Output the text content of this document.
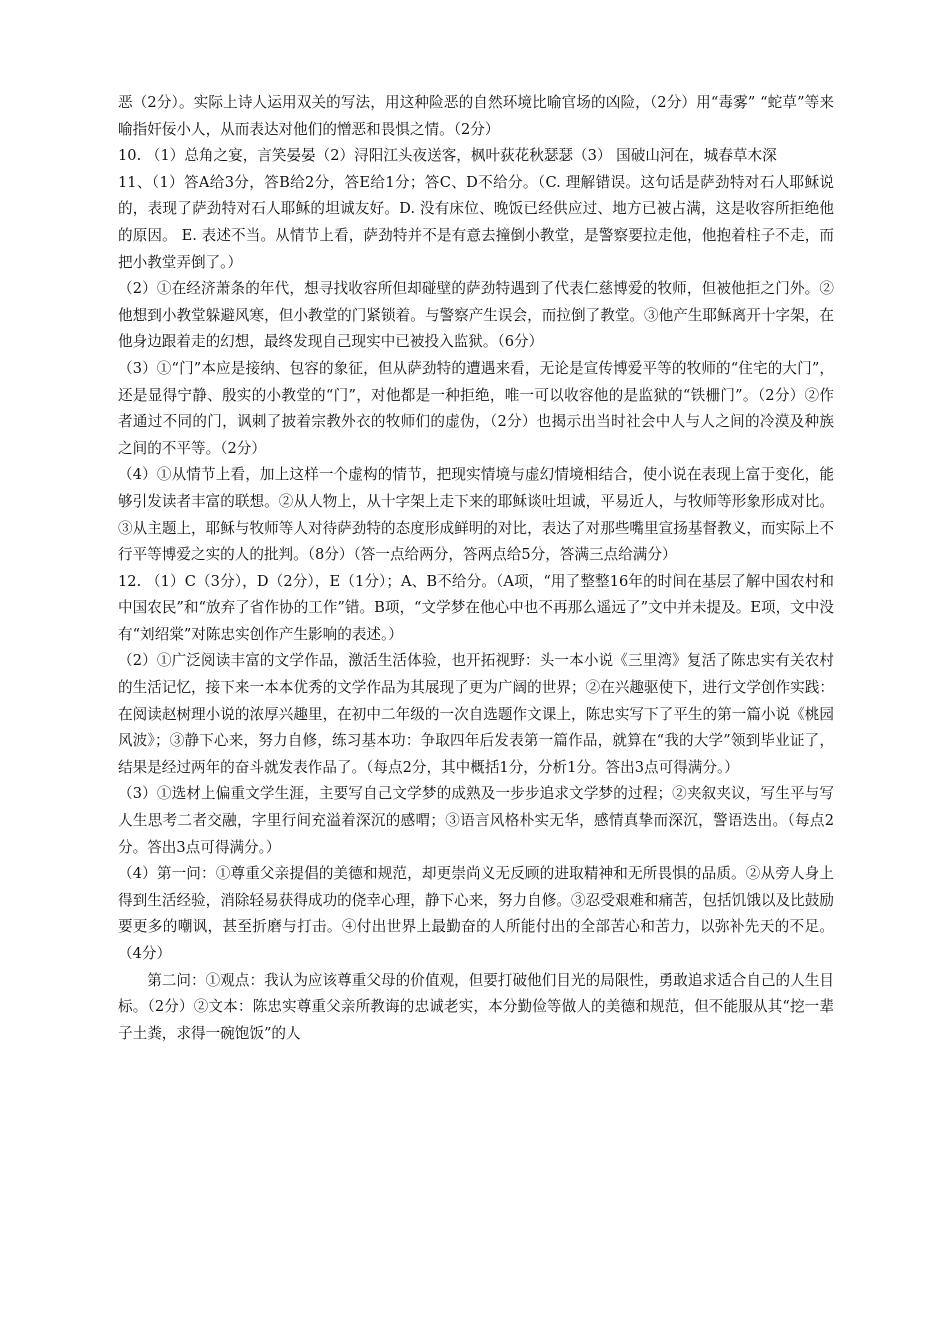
恶（2分）。实际上诗人运用双关的写法，用这种险恶的自然环境比喻官场的凶险，（2分）用“毒雾” “蛇草”等来喻指奸佞小人，从而表达对他们的憎恶和畏惧之情。（2分）

10. （1）总角之宴，言笑晏晏（2）浔阳江头夜送客，枫叶荻花秋瑟瑟（3） 国破山河在，城春草木深

11、（1）答A给3分，答B给2分，答E给1分；答C、D不给分。（C. 理解错误。这句话是萨劲特对石人耶稣说的，表现了萨劲特对石人耶稣的坦诚友好。D. 没有床位、晚饭已经供应过、地方已被占满，这是收容所拒绝他的原因。 E. 表述不当。从情节上看，萨劲特并不是有意去撞倒小教堂，是警察要拉走他，他抱着柱子不走，而把小教堂弄倒了。）

（2）①在经济萧条的年代，想寻找收容所但却碰壁的萨劲特遇到了代表仁慈博爱的牧师，但被他拒之门外。②他想到小教堂躲避风寒，但小教堂的门紧锁着。与警察产生误会，而拉倒了教堂。③他产生耶稣离开十字架，在他身边跟着走的幻想，最终发现自己现实中已被投入监狱。（6分）

（3）①“门”本应是接纳、包容的象征，但从萨劲特的遭遇来看，无论是宣传博爱平等的牧师的“住宅的大门”，还是显得宁静、殷实的小教堂的“门”，对他都是一种拒绝，唯一可以收容他的是监狱的“铁栅门”。（2分）②作者通过不同的门，讽刺了披着宗教外衣的牧师们的虚伪，（2分）也揭示出当时社会中人与人之间的冷漠及种族之间的不平等。（2分）

（4）①从情节上看，加上这样一个虚构的情节，把现实情境与虚幻情境相结合，使小说在表现上富于变化，能够引发读者丰富的联想。②从人物上，从十字架上走下来的耶稣谈吐坦诚，平易近人，与牧师等形象形成对比。③从主题上，耶稣与牧师等人对待萨劲特的态度形成鲜明的对比，表达了对那些嘴里宣扬基督教义，而实际上不行平等博爱之实的人的批判。（8分）（答一点给两分，答两点给5分，答满三点给满分）

12. （1）C（3分），D（2分），E（1分）；A、B不给分。（A项，“用了整整16年的时间在基层了解中国农村和中国农民”和“放弃了省作协的工作”错。B项，“文学梦在他心中也不再那么遥远了”文中并未提及。E项，文中没有“刘绍棠”对陈忠实创作产生影响的表述。）

（2）①广泛阅读丰富的文学作品，激活生活体验，也开拓视野：头一本小说《三里湾》复活了陈忠实有关农村的生活记忆，接下来一本本优秀的文学作品为其展现了更为广阔的世界；②在兴趣驱使下，进行文学创作实践：在阅读赵树理小说的浓厚兴趣里，在初中二年级的一次自选题作文课上，陈忠实写下了平生的第一篇小说《桃园风波》；③静下心来，努力自修，练习基本功：争取四年后发表第一篇作品，就算在“我的大学”领到毕业证了，结果是经过两年的奋斗就发表作品了。（每点2分，其中概括1分，分析1分。答出3点可得满分。）

（3）①选材上偏重文学生涯，主要写自己文学梦的成熟及一步步追求文学梦的过程；②夹叙夹议，写生平与写人生思考二者交融，字里行间充溢着深沉的感喟；③语言风格朴实无华，感情真挚而深沉，警语迭出。（每点2分。答出3点可得满分。）

（4）第一问：①尊重父亲提倡的美德和规范，却更崇尚义无反顾的进取精神和无所畏惧的品质。②从旁人身上得到生活经验，消除轻易获得成功的侥幸心理，静下心来，努力自修。③忍受艰难和痛苦，包括饥饿以及比鼓励要更多的嘲讽，甚至折磨与打击。④付出世界上最勤奋的人所能付出的全部苦心和苦力，以弥补先天的不足。（4分）

第二问：①观点：我认为应该尊重父母的价值观，但要打破他们目光的局限性，勇敢追求适合自己的人生目标。（2分）②文本：陈忠实尊重父亲所教诲的忠诚老实，本分勤俭等做人的美德和规范，但不能服从其“挖一辈子土粪，求得一碗饱饭”的人
